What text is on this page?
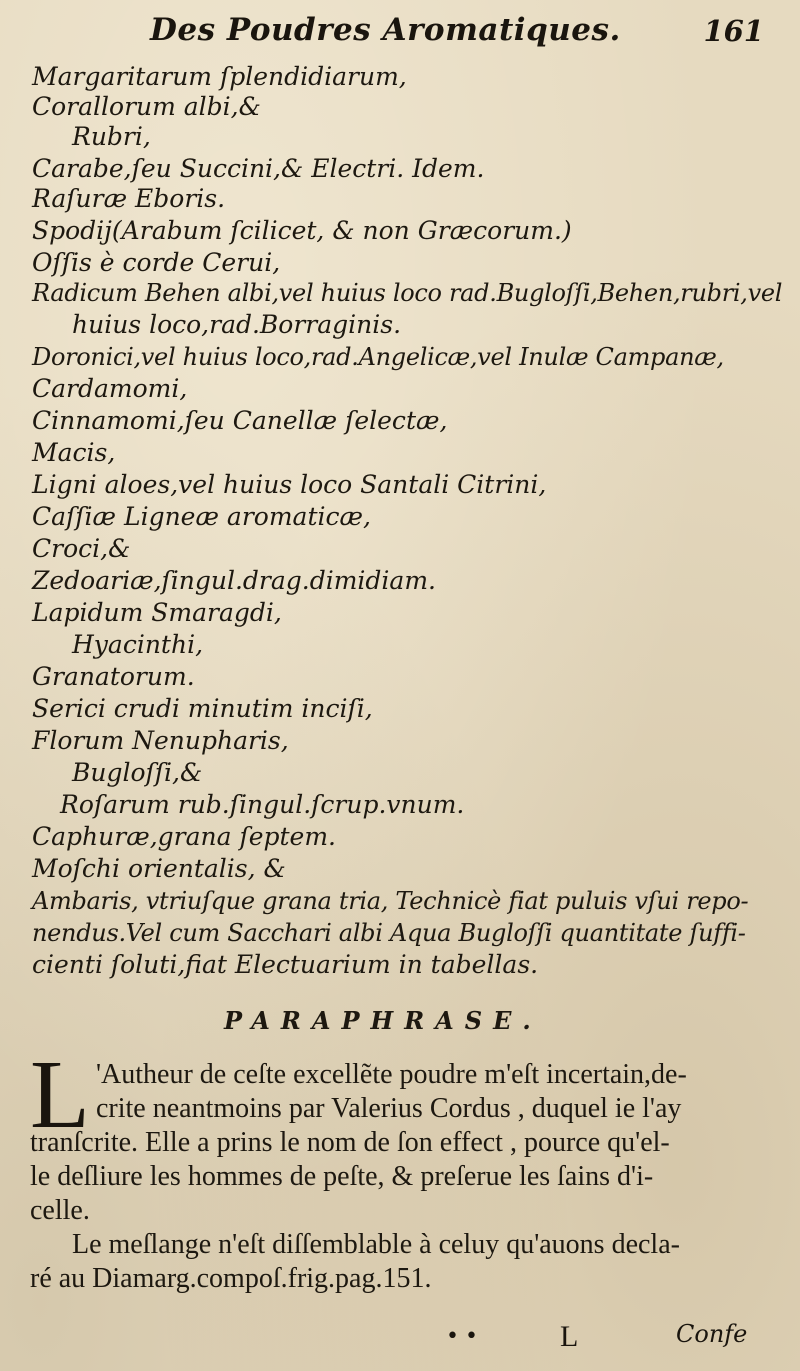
Des Poudres Aromatiques.	161
Margaritarum ſplendidiarum,
Corallorum albi,&
Rubri,
Carabe,ſeu Succini,& Electri. Idem.
Raſuræ Eboris.
Spodij(Arabum ſcilicet, & non Græcorum.)
Oſſis è corde Cerui,
Radicum Behen albi,vel huius loco rad.Bugloſſi,Behen,rubri,vel
huius loco,rad.Borraginis.
Doronici,vel huius loco,rad.Angelicæ,vel Inulæ Campanæ,
Cardamomi,
Cinnamomi,ſeu Canellæ ſelectæ,
Macis,
Ligni aloes,vel huius loco Santali Citrini,
Caſſiæ Ligneæ aromaticæ,
Croci,&
Zedoariæ,ſingul.drag.dimidiam.
Lapidum Smaragdi,
Hyacinthi,
Granatorum.
Serici crudi minutim inciſi,
Florum Nenupharis,
Bugloſſi,&
Roſarum rub.ſingul.ſcrup.vnum.
Caphuræ,grana ſeptem.
Moſchi orientalis, &
Ambaris, vtriuſque grana tria, Technicè fiat puluis vſui repo-
nendus.Vel cum Sacchari albi Aqua Bugloſſi quantitate ſuffi-
cienti ſoluti,fiat Electuarium in tabellas.
PARAPHRASE.
L 'Autheur de ceſte excellẽte poudre m'eſt incertain,de-
crite neantmoins par Valerius Cordus , duquel ie l'ay
tranſcrite. Elle a prins le nom de ſon effect , pource qu'el-
le deſliure les hommes de peſte, & preſerue les ſains d'i-
celle.
Le meſlange n'eſt diſſemblable à celuy qu'auons decla-
ré au Diamarg.compoſ.frig.pag.151.
••	L	Confe
